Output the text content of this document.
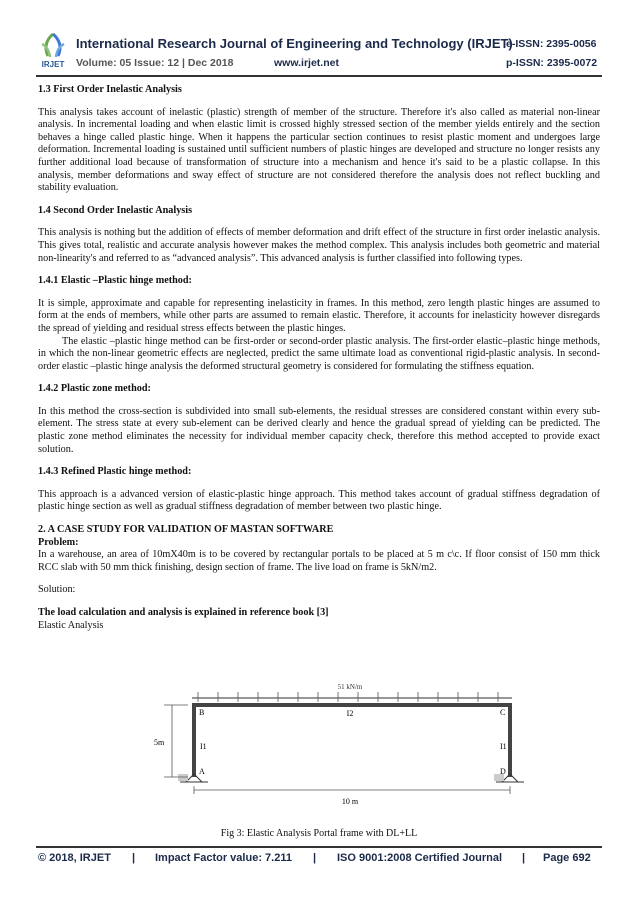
IRJET
International Research Journal of Engineering and Technology (IRJET)
Volume: 05 Issue: 12 | Dec 2018	www.irjet.net
e-ISSN: 2395-0056
p-ISSN: 2395-0072
1.3 First Order Inelastic Analysis

This analysis takes account of inelastic (plastic) strength of member of the structure. Therefore it's also called as material non-linear analysis. In incremental loading and when elastic limit is crossed highly stressed section of the member yields entirely and the section behaves a hinge called plastic hinge. When it happens the particular section continues to resist plastic moment and undergoes large deformation. Incremental loading is sustained until sufficient numbers of plastic hinges are developed and structure no longer resists any further additional load because of transformation of structure into a mechanism and hence it's said to be a plastic collapse. In this analysis, member deformations and sway effect of structure are not considered therefore the analysis does not reflect buckling and stability evaluation.

1.4 Second Order Inelastic Analysis

This analysis is nothing but the addition of effects of member deformation and drift effect of the structure in first order inelastic analysis. This gives total, realistic and accurate analysis however makes the method complex. This analysis includes both geometric and material non-linearity's and referred to as “advanced analysis”. This advanced analysis is further classified into following types.

1.4.1 Elastic –Plastic hinge method:

It is simple, approximate and capable for representing inelasticity in frames. In this method, zero length plastic hinges are assumed to form at the ends of members, while other parts are assumed to remain elastic. Therefore, it accounts for inelasticity however disregards the spread of yielding and residual stress effects between the plastic hinges.

The elastic –plastic hinge method can be first-order or second-order plastic analysis. The first-order elastic–plastic hinge methods, in which the non-linear geometric effects are neglected, predict the same ultimate load as conventional rigid-plastic analysis. In second-order elastic –plastic hinge analysis the deformed structural geometry is considered for formulating the stiffness equation.

1.4.2 Plastic zone method:

In this method the cross-section is subdivided into small sub-elements, the residual stresses are considered constant within every sub-element. The stress state at every sub-element can be derived clearly and hence the gradual spread of yielding can be predicted. The plastic zone method eliminates the necessity for individual member capacity check, therefore this method accepted to provide exact solution.

1.4.3 Refined Plastic hinge method:

This approach is a advanced version of elastic-plastic hinge approach. This method takes account of gradual stiffness degradation of plastic hinge section as well as gradual stiffness degradation of member between two plastic hinge.

2. A CASE STUDY FOR VALIDATION OF MASTAN SOFTWARE
Problem:

In a warehouse, an area of 10mX40m is to be covered by rectangular portals to be placed at 5 m c\c. If floor consist of 150 mm thick RCC slab with 50 mm thick finishing, design section of frame. The live load on frame is 5kN/m2.

Solution:

The load calculation and analysis is explained in reference book [3]

Elastic Analysis

51 kN/m
B	C
A	D
I2
I1	I1
5m
10 m
Fig 3: Elastic Analysis Portal frame with DL+LL
© 2018, IRJET | Impact Factor value: 7.211 | ISO 9001:2008 Certified Journal | Page 692
